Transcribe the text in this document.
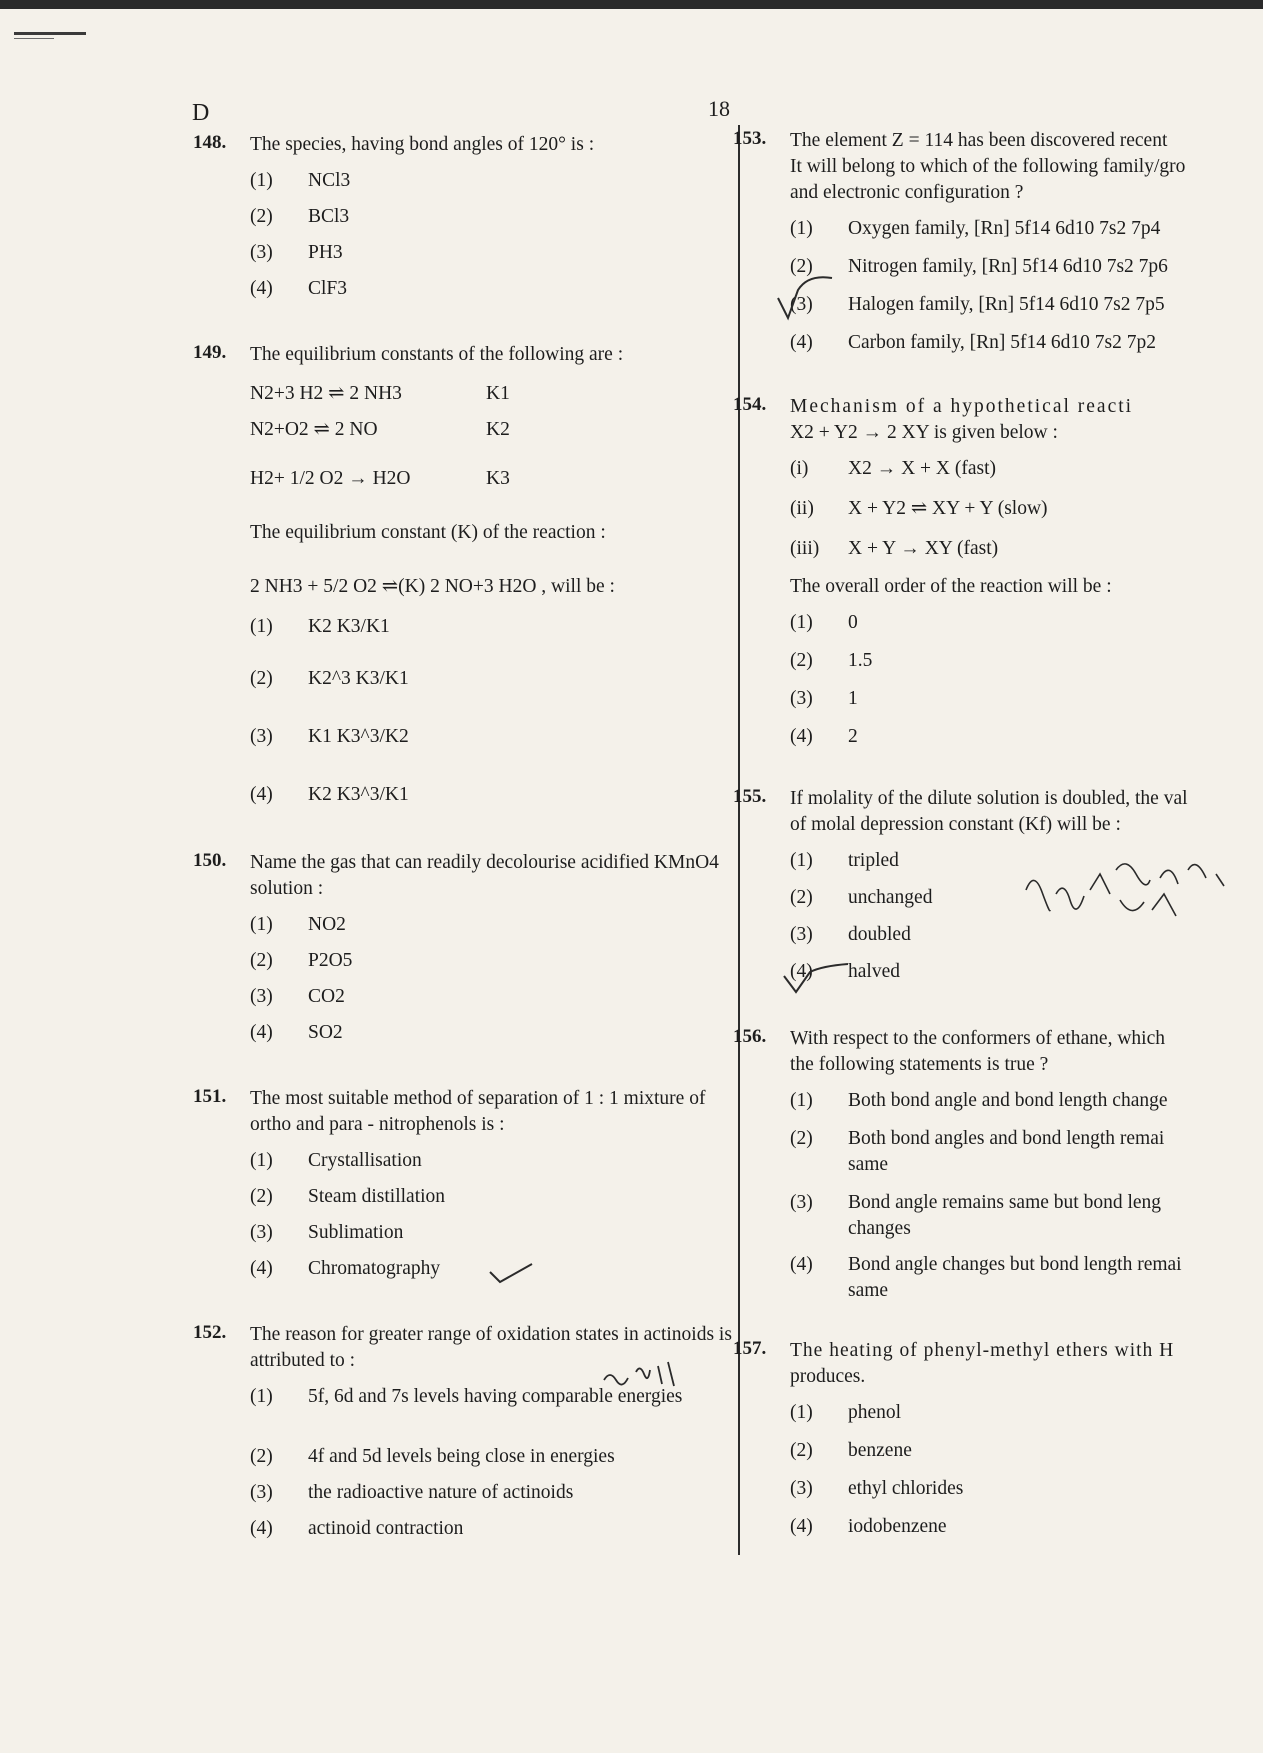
D	18
148. The species, having bond angles of 120° is :
(1)	NCl3
(2)	BCl3
(3)	PH3
(4)	ClF3
149. The equilibrium constants of the following are :
N2+3 H2 ⇌ 2 NH3	K1
N2+O2 ⇌ 2 NO	K2
H2+ 1/2 O2 → H2O	K3
The equilibrium constant (K) of the reaction :
2 NH3 + 5/2 O2 ⇌(K) 2 NO+3 H2O , will be :
(1)	K2 K3/K1
(2)	K2^3 K3/K1
(3)	K1 K3^3/K2
(4)	K2 K3^3/K1
150. Name the gas that can readily decolourise acidified KMnO4 solution :
(1)	NO2
(2)	P2O5
(3)	CO2
(4)	SO2
151. The most suitable method of separation of 1 : 1 mixture of ortho and para - nitrophenols is :
(1)	Crystallisation
(2)	Steam distillation
(3)	Sublimation
(4)	Chromatography
152. The reason for greater range of oxidation states in actinoids is attributed to :
(1)	5f, 6d and 7s levels having comparable energies
(2)	4f and 5d levels being close in energies
(3)	the radioactive nature of actinoids
(4)	actinoid contraction
153. The element Z = 114 has been discovered recent
It will belong to which of the following family/gro
and electronic configuration ?
(1)	Oxygen family, [Rn] 5f14 6d10 7s2 7p4
(2)	Nitrogen family, [Rn] 5f14 6d10 7s2 7p6
(3)	Halogen family, [Rn] 5f14 6d10 7s2 7p5
(4)	Carbon family, [Rn] 5f14 6d10 7s2 7p2
154. Mechanism of a hypothetical reacti
X2 + Y2 → 2 XY is given below :
(i)	X2 → X + X (fast)
(ii)	X + Y2 ⇌ XY + Y (slow)
(iii)	X + Y → XY (fast)
The overall order of the reaction will be :
(1)	0
(2)	1.5
(3)	1
(4)	2
155. If molality of the dilute solution is doubled, the val
of molal depression constant (Kf) will be :
(1)	tripled
(2)	unchanged
(3)	doubled
(4)	halved
156. With respect to the conformers of ethane, which
the following statements is true ?
(1)	Both bond angle and bond length change
(2)	Both bond angles and bond length remai
same
(3)	Bond angle remains same but bond leng
changes
(4)	Bond angle changes but bond length remai
same
157. The heating of phenyl-methyl ethers with H
produces.
(1)	phenol
(2)	benzene
(3)	ethyl chlorides
(4)	iodobenzene
